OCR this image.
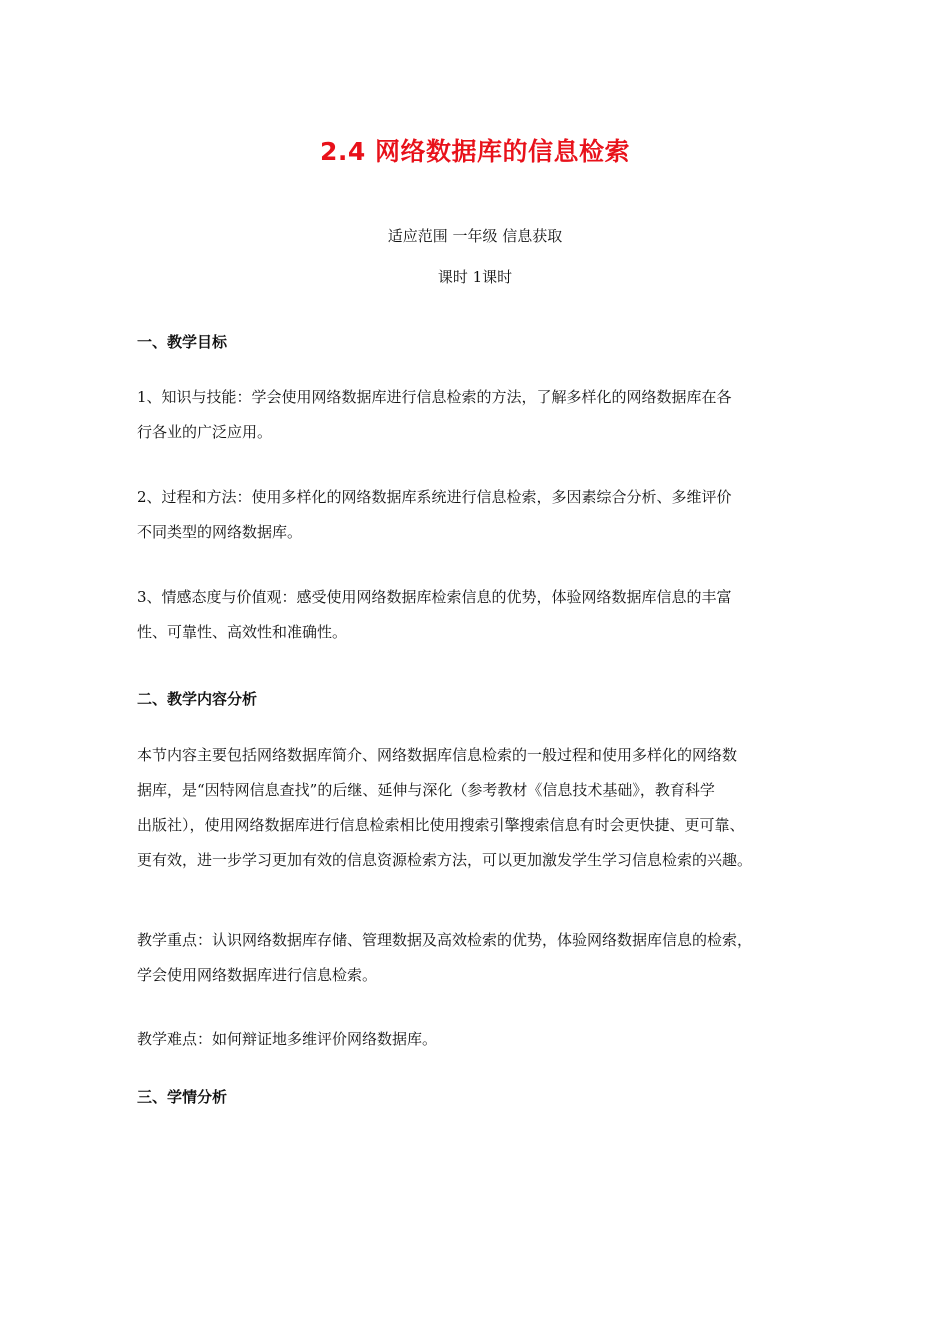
2.4 网络数据库的信息检索
适应范围 一年级 信息获取
课时 1课时
一、教学目标

1、知识与技能：学会使用网络数据库进行信息检索的方法，了解多样化的网络数据库在各
行各业的广泛应用。

2、过程和方法：使用多样化的网络数据库系统进行信息检索，多因素综合分析、多维评价
不同类型的网络数据库。

3、情感态度与价值观：感受使用网络数据库检索信息的优势，体验网络数据库信息的丰富
性、可靠性、高效性和准确性。

二、教学内容分析

本节内容主要包括网络数据库简介、网络数据库信息检索的一般过程和使用多样化的网络数
据库，是“因特网信息查找”的后继、延伸与深化（参考教材《信息技术基础》，教育科学
出版社），使用网络数据库进行信息检索相比使用搜索引擎搜索信息有时会更快捷、更可靠、
更有效，进一步学习更加有效的信息资源检索方法，可以更加激发学生学习信息检索的兴趣。

教学重点：认识网络数据库存储、管理数据及高效检索的优势，体验网络数据库信息的检索，
学会使用网络数据库进行信息检索。

教学难点：如何辩证地多维评价网络数据库。

三、学情分析
